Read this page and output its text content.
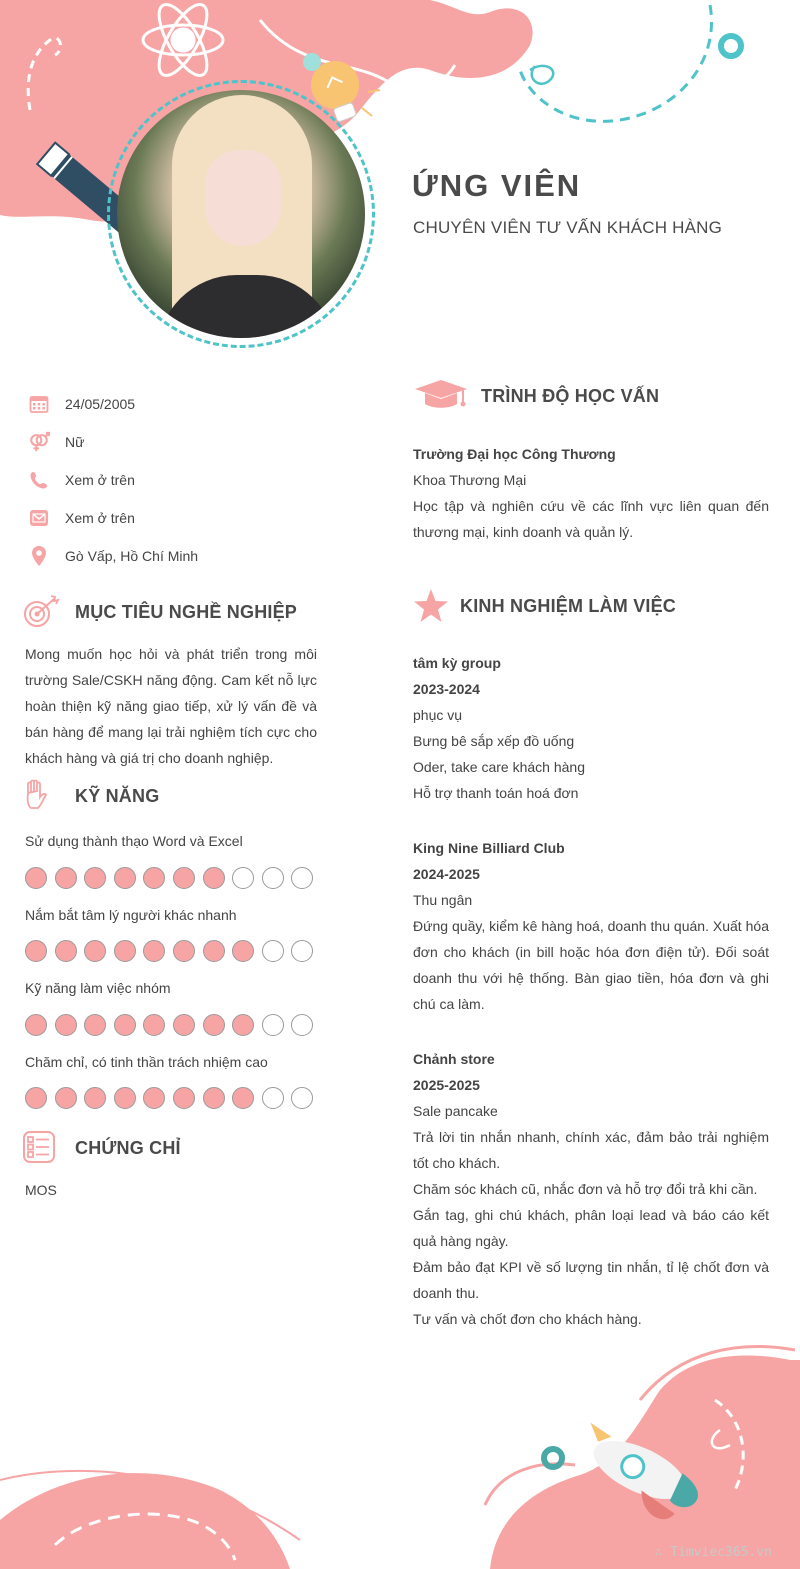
ỨNG VIÊN
CHUYÊN VIÊN TƯ VẤN KHÁCH HÀNG
24/05/2005
Nữ
Xem ở trên
Xem ở trên
Gò Vấp, Hồ Chí Minh
MỤC TIÊU NGHỀ NGHIỆP
Mong muốn học hỏi và phát triển trong môi trường Sale/CSKH năng động. Cam kết nỗ lực hoàn thiện kỹ năng giao tiếp, xử lý vấn đề và bán hàng để mang lại trải nghiệm tích cực cho khách hàng và giá trị cho doanh nghiệp.
KỸ NĂNG
Sử dụng thành thạo Word và Excel
Nắm bắt tâm lý người khác nhanh
Kỹ năng làm việc nhóm
Chăm chỉ, có tinh thần trách nhiệm cao
CHỨNG CHỈ
MOS
TRÌNH ĐỘ HỌC VẤN
Trường Đại học Công Thương
Khoa Thương Mại

Học tập và nghiên cứu về các lĩnh vực liên quan đến thương mại, kinh doanh và quản lý.

KINH NGHIỆM LÀM VIỆC
tâm kỳ group
2023-2024
phục vụ

Bưng bê sắp xếp đồ uống

Oder, take care khách hàng

Hỗ trợ thanh toán hoá đơn

King Nine Billiard Club
2024-2025
Thu ngân

Đứng quầy, kiểm kê hàng hoá, doanh thu quán. Xuất hóa đơn cho khách (in bill hoặc hóa đơn điện tử). Đối soát doanh thu với hệ thống. Bàn giao tiền, hóa đơn và ghi chú ca làm.

Chảnh store
2025-2025
Sale pancake

Trả lời tin nhắn nhanh, chính xác, đảm bảo trải nghiệm tốt cho khách.

Chăm sóc khách cũ, nhắc đơn và hỗ trợ đổi trả khi cần.

Gắn tag, ghi chú khách, phân loại lead và báo cáo kết quả hàng ngày.

Đảm bảo đạt KPI về số lượng tin nhắn, tỉ lệ chốt đơn và doanh thu.

Tư vấn và chốt đơn cho khách hàng.

∴ Timviec365.vn
